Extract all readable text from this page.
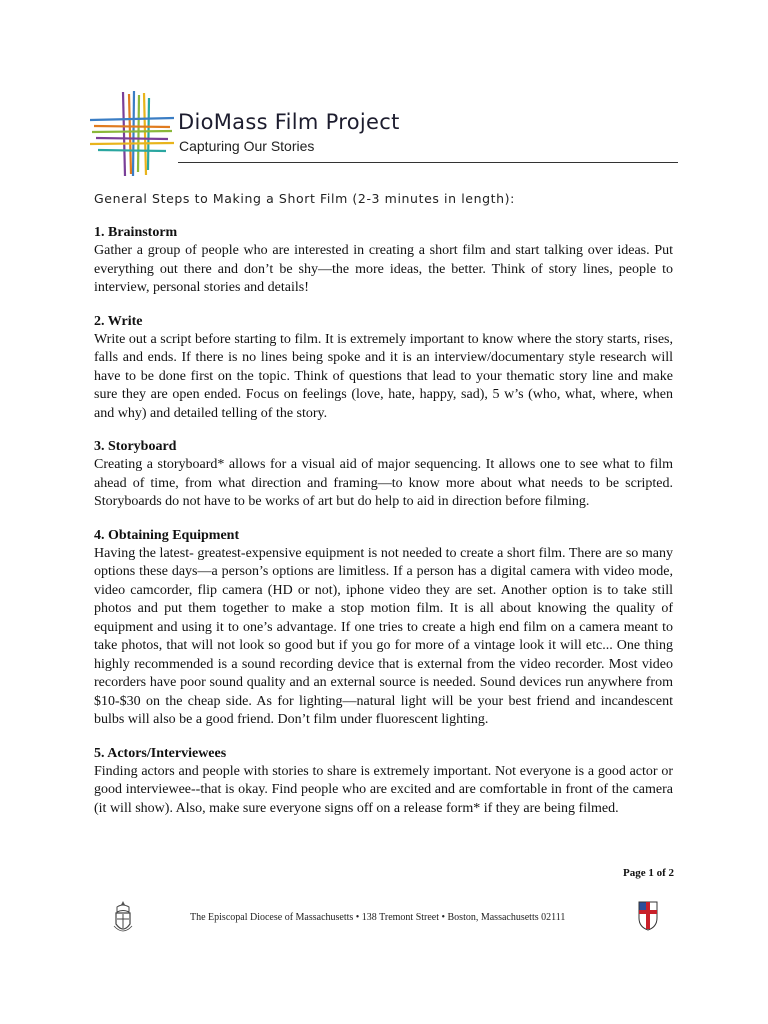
DioMass Film Project
Capturing Our Stories
General Steps to Making a Short Film (2-3 minutes in length):

1. Brainstorm

Gather a group of people who are interested in creating a short film and start talking over ideas. Put everything out there and don’t be shy—the more ideas, the better. Think of story lines, people to interview, personal stories and details!

2. Write

Write out a script before starting to film. It is extremely important to know where the story starts, rises, falls and ends. If there is no lines being spoke and it is an interview/documentary style research will have to be done first on the topic. Think of questions that lead to your thematic story line and make sure they are open ended. Focus on feelings (love, hate, happy, sad), 5 w’s (who, what, where, when and why) and detailed telling of the story.

3. Storyboard

Creating a storyboard* allows for a visual aid of major sequencing. It allows one to see what to film ahead of time, from what direction and framing—to know more about what needs to be scripted. Storyboards do not have to be works of art but do help to aid in direction before filming.

4. Obtaining Equipment

Having the latest- greatest-expensive equipment is not needed to create a short film. There are so many options these days—a person’s options are limitless. If a person has a digital camera with video mode, video camcorder, flip camera (HD or not), iphone video they are set. Another option is to take still photos and put them together to make a stop motion film. It is all about knowing the quality of equipment and using it to one’s advantage. If one tries to create a high end film on a camera meant to take photos, that will not look so good but if you go for more of a vintage look it will etc... One thing highly recommended is a sound recording device that is external from the video recorder. Most video recorders have poor sound quality and an external source is needed. Sound devices run anywhere from $10-$30 on the cheap side. As for lighting—natural light will be your best friend and incandescent bulbs will also be a good friend. Don’t film under fluorescent lighting.

5. Actors/Interviewees

Finding actors and people with stories to share is extremely important. Not everyone is a good actor or good interviewee--that is okay. Find people who are excited and are comfortable in front of the camera (it will show). Also, make sure everyone signs off on a release form* if they are being filmed.

Page 1 of 2
The Episcopal Diocese of Massachusetts • 138 Tremont Street • Boston, Massachusetts 02111
